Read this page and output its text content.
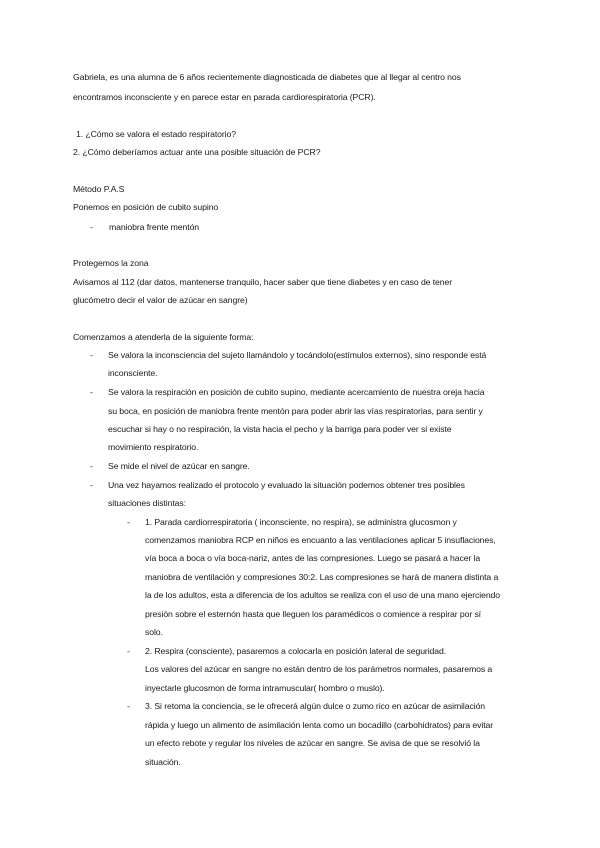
Gabriela, es una alumna de 6 años recientemente diagnosticada de diabetes que al llegar al centro nos
encontramos inconsciente y en parece estar en parada cardiorespiratoria (PCR).
1. ¿Cómo se valora el estado respiratorio?
2. ¿Cómo deberíamos actuar ante una posible situación de PCR?
Método P.A.S
Ponemos en posición de cubito supino
- maniobra frente mentón
Protegemos la zona
Avisamos al 112 (dar datos, mantenerse tranquilo, hacer saber que tiene diabetes y en caso de tener
glucómetro decir el valor de azúcar en sangre)
Comenzamos a atenderla de la siguiente forma:
- Se valora la inconsciencia del sujeto llamándolo y tocándolo(estímulos externos), sino responde está
inconsciente.
- Se valora la respiración en posición de cubito supino, mediante acercamiento de nuestra oreja hacia
su boca, en posición de maniobra frente mentón para poder abrir las vías respiratorias, para sentir y
escuchar si hay o no respiración, la vista hacia el pecho y la barriga para poder ver si existe
movimiento respiratorio.
- Se mide el nivel de azúcar en sangre.
- Una vez hayamos realizado el protocolo y evaluado la situación podemos obtener tres posibles
situaciones distintas:
- 1. Parada cardiorrespiratoria ( inconsciente, no respira), se administra glucosmon y
comenzamos maniobra RCP en niños es encuanto a las ventilaciones aplicar 5 insuflaciones,
vía boca a boca o vía boca-nariz, antes de las compresiones. Luego se pasará a hacer la
maniobra de ventilación y compresiones 30:2. Las compresiones se hará de manera distinta a
la de los adultos, esta a diferencia de los adultos se realiza con el uso de una mano ejerciendo
presión sobre el esternón hasta que lleguen los paramédicos o comience a respirar por sí
solo.
- 2. Respira (consciente), pasaremos a colocarla en posición lateral de seguridad.
Los valores del azúcar en sangre no están dentro de los parámetros normales, pasaremos a
inyectarle glucosmon de forma intramuscular( hombro o muslo).
- 3. Si retoma la conciencia, se le ofrecerá algún dulce o zumo rico en azúcar de asimilación
rápida y luego un alimento de asimilación lenta como un bocadillo (carbohidratos) para evitar
un efecto rebote y regular los niveles de azúcar en sangre. Se avisa de que se resolvió la
situación.
